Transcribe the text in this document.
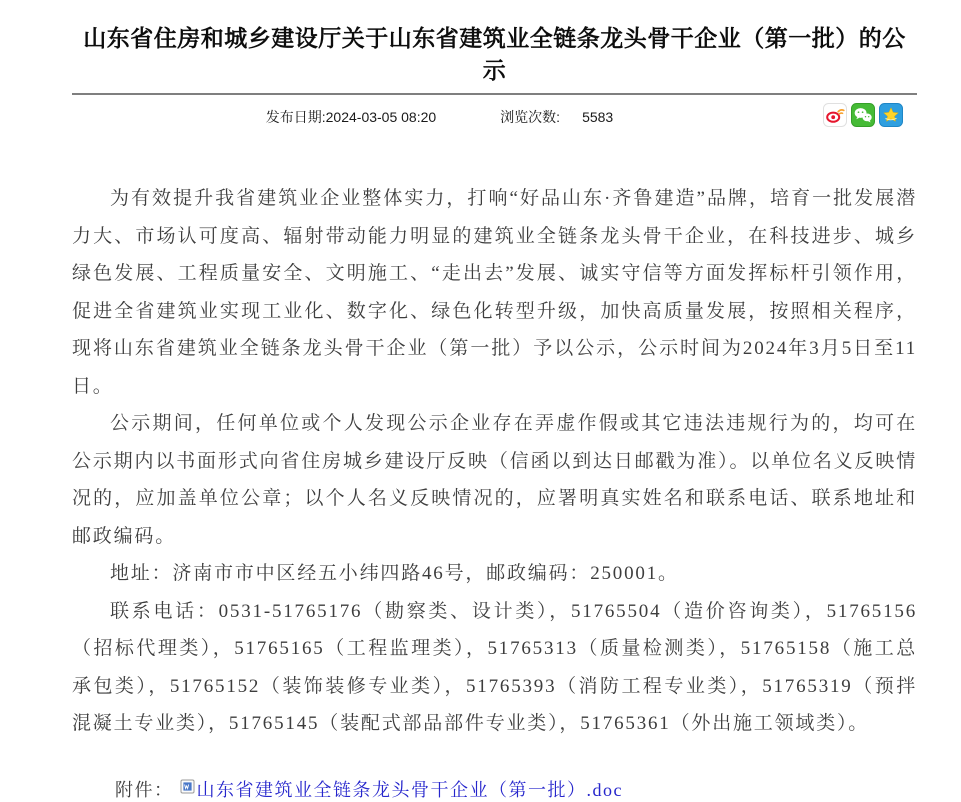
山东省住房和城乡建设厅关于山东省建筑业全链条龙头骨干企业（第一批）的公示
发布日期:2024-03-05 08:20	浏览次数: 5583

为有效提升我省建筑业企业整体实力，打响“好品山东·齐鲁建造”品牌，培育一批发展潜力大、市场认可度高、辐射带动能力明显的建筑业全链条龙头骨干企业，在科技进步、城乡绿色发展、工程质量安全、文明施工、“走出去”发展、诚实守信等方面发挥标杆引领作用，促进全省建筑业实现工业化、数字化、绿色化转型升级，加快高质量发展，按照相关程序，现将山东省建筑业全链条龙头骨干企业（第一批）予以公示，公示时间为2024年3月5日至11日。

公示期间，任何单位或个人发现公示企业存在弄虚作假或其它违法违规行为的，均可在公示期内以书面形式向省住房城乡建设厅反映（信函以到达日邮戳为准）。以单位名义反映情况的，应加盖单位公章；以个人名义反映情况的，应署明真实姓名和联系电话、联系地址和邮政编码。

地址：济南市市中区经五小纬四路46号，邮政编码：250001。

联系电话：0531-51765176（勘察类、设计类），51765504（造价咨询类），51765156（招标代理类），51765165（工程监理类），51765313（质量检测类），51765158（施工总承包类），51765152（装饰装修专业类），51765393（消防工程专业类），51765319（预拌混凝土专业类），51765145（装配式部品部件专业类），51765361（外出施工领域类）。

附件： 山东省建筑业全链条龙头骨干企业（第一批）.doc
